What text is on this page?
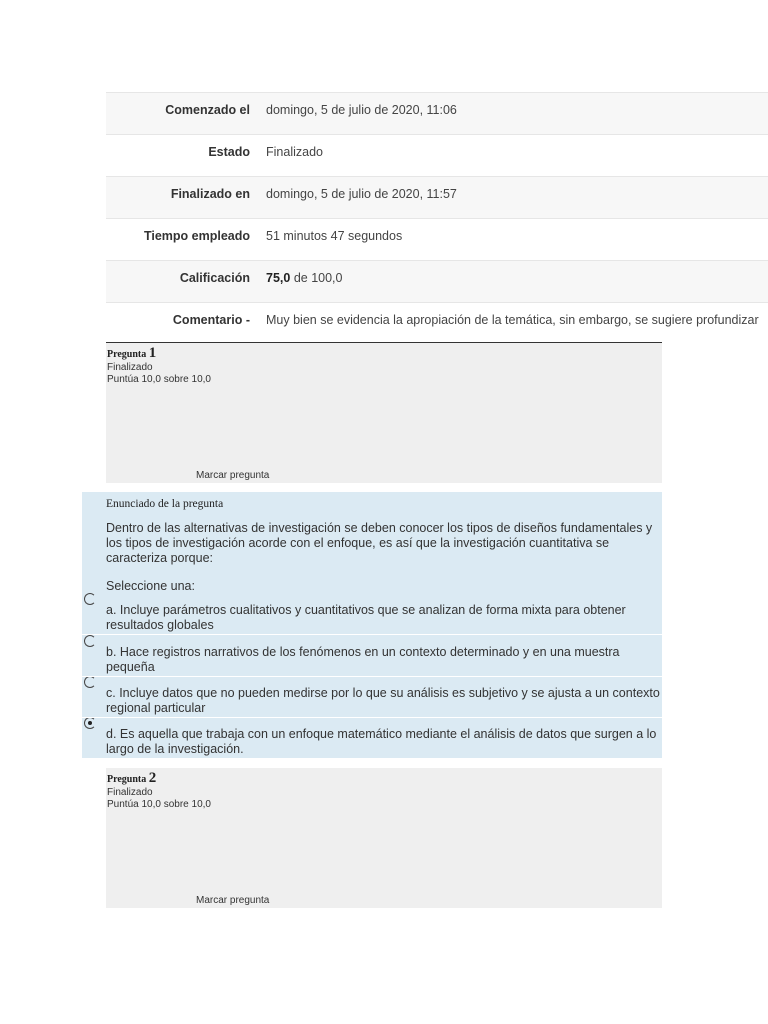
Comenzado el	domingo, 5 de julio de 2020, 11:06
Estado	Finalizado
Finalizado en	domingo, 5 de julio de 2020, 11:57
Tiempo empleado	51 minutos 47 segundos
Calificación	75,0 de 100,0
Comentario -	Muy bien se evidencia la apropiación de la temática, sin embargo, se sugiere profundizar
Pregunta 1
Finalizado
Puntúa 10,0 sobre 10,0
Marcar pregunta
Enunciado de la pregunta
Dentro de las alternativas de investigación se deben conocer los tipos de diseños fundamentales y los tipos de investigación acorde con el enfoque, es así que la investigación cuantitativa se caracteriza porque:
Seleccione una:
a. Incluye parámetros cualitativos y cuantitativos que se analizan de forma mixta para obtener resultados globales
b. Hace registros narrativos de los fenómenos en un contexto determinado y en una muestra pequeña
c. Incluye datos que no pueden medirse por lo que su análisis es subjetivo y se ajusta a un contexto regional particular
d. Es aquella que trabaja con un enfoque matemático mediante el análisis de datos que surgen a lo largo de la investigación.
Pregunta 2
Finalizado
Puntúa 10,0 sobre 10,0
Marcar pregunta
